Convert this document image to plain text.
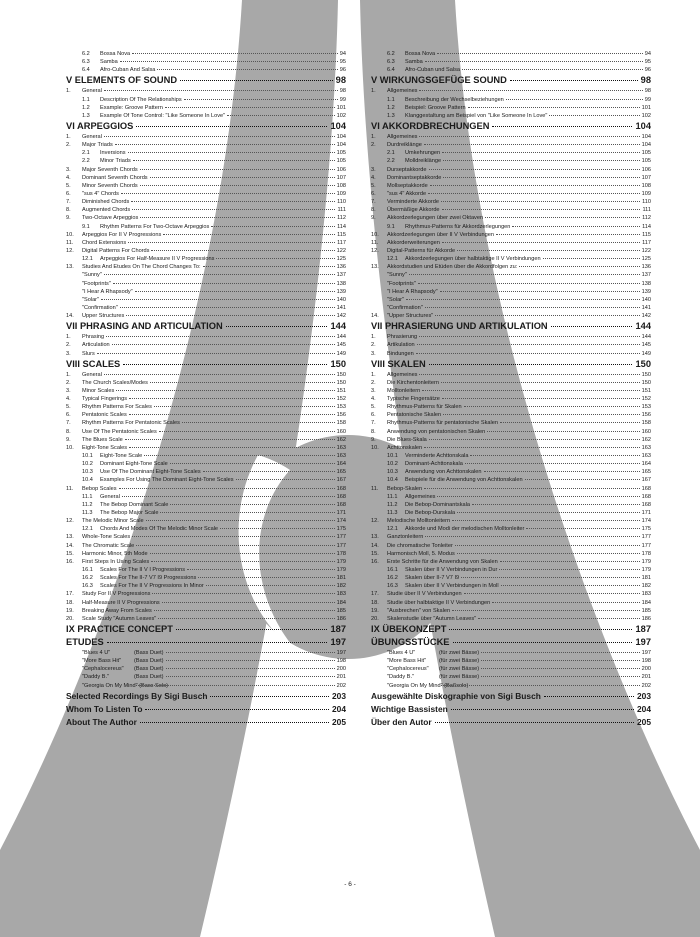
6.2	Bossa Nova	94
6.3	Samba	95
6.4	Afro-Cuban And Salsa	96
V ELEMENTS OF SOUND	98
1.	General	98
1.1	Description Of The Relationships	99
1.2	Example: Groove Pattern	101
1.3	Example Of Tone Control: "Like Someone In Love"	102
VI ARPEGGIOS	104
1.	General	104
2.	Major Triads	104
2.1	Inversions	105
2.2	Minor Triads	105
3.	Major Seventh Chords	106
4.	Dominant Seventh Chords	107
5.	Minor Seventh Chords	108
6.	"sus 4" Chords	109
7.	Diminished Chords	110
8.	Augmented Chords	111
9.	Two-Octave Arpeggios	112
9.1	Rhythm Patterns For Two-Octave Arpeggios	114
10.	Arpeggios For II V Progressions	115
11.	Chord Extensions	117
12.	Digital Patterns For Chords	122
12.1	Arpeggios For Half-Measure II V Progressions	125
13.	Studies And Etudes On The Chord Changes To:	136
"Sunny"	137
"Footprints"	138
"I Hear A Rhapsody"	139
"Solar"	140
"Confirmation"	141
14.	Upper Structures	142
VII PHRASING AND ARTICULATION	144
1.	Phrasing	144
2.	Articulation	145
3.	Slurs	149
VIII SCALES	150
1.	General	150
2.	The Church Scales/Modes	150
3.	Minor Scales	151
4.	Typical Fingerings	152
5.	Rhythm Patterns For Scales	153
6.	Pentatonic Scales	156
7.	Rhythm Patterns For Pentatonic Scales	158
8.	Use Of The Pentatonic Scales	160
9.	The Blues Scale	162
10.	Eight-Tone Scales	163
10.1	Eight-Tone Scale	163
10.2	Dominant Eight-Tone Scale	164
10.3	Use Of The Dominant Eight-Tone Scales	165
10.4	Examples For Using The Dominant Eight-Tone Scales	167
11.	Bebop Scales	168
11.1	General	168
11.2	The Bebop Dominant Scale	168
11.3	The Bebop Major Scale	171
12.	The Melodic Minor Scale	174
12.1	Chords And Modes Of The Melodic Minor Scale	175
13.	Whole-Tone Scales	177
14.	The Chromatic Scale	177
15.	Harmonic Minor, 5th Mode	178
16.	First Steps In Using Scales	179
16.1	Scales For The II V I Progressions	179
16.2	Scales For The II-7 V7 I9 Progressions	181
16.3	Scales For The II V Progressions In Minor	182
17.	Study For II V Progressions	183
18.	Half-Measure II V Progressions	184
19.	Breaking Away From Scales	185
20.	Scale Study "Autumn Leaves"	186
IX PRACTICE CONCEPT	187
ETUDES	197
"Blues 4 U"	(Bass Duet)	197
"More Bass Hit"	(Bass Duet)	198
"Cephalocereus"	(Bass Duet)	200
"Daddy B."	(Bass Duet)	201
"Georgia On My Mind" (Bass Solo)	202
Selected Recordings By Sigi Busch	203
Whom To Listen To	204
About The Author	205
6.2	Bossa Nova	94
6.3	Samba	95
6.4	Afro-Cuban und Salsa	96
V WIRKUNGSGEFÜGE SOUND	98
1.	Allgemeines	98
1.1	Beschreibung der Wechselbeziehungen	99
1.2	Beispiel: Groove Pattern	101
1.3	Klanggestaltung am Beispiel von "Like Someone In Love"	102
VI AKKORDBRECHUNGEN	104
1.	Allgemeines	104
2.	Durdreiklänge	104
2.1	Umkehrungen	105
2.2	Molldreiklänge	105
3.	Durseptakkorde	106
4.	Dominantseptakkorde	107
5.	Mollseptakkorde	108
6.	"sus 4" Akkorde	109
7.	Verminderte Akkorde	110
8.	Übermäßige Akkorde	111
9.	Akkordzerlegungen über zwei Oktaven	112
9.1	Rhythmus-Patterns für Akkordzerlegungen	114
10.	Akkordzerlegungen über II V Verbindungen	115
11.	Akkorderweiterungen	117
12.	Digital-Patterns für Akkorde	122
12.1	Akkordzerlegungen über halbtaktige II V Verbindungen	125
13.	Akkordstudien und Etüden über die Akkordfolgen zu:	136
"Sunny"	137
"Footprints"	138
"I Hear A Rhapsody"	139
"Solar"	140
"Confirmation"	141
14.	"Upper Structures"	142
VII PHRASIERUNG UND ARTIKULATION	144
1.	Phrasierung	144
2.	Artikulation	145
3.	Bindungen	149
VIII SKALEN	150
1.	Allgemeines	150
2.	Die Kirchentonleitern	150
3.	Molltonleitern	151
4.	Typische Fingersätze	152
5.	Rhythmus-Patterns für Skalen	153
6.	Pentatonische Skalen	156
7.	Rhythmus-Patterns für pentatonische Skalen	158
8.	Anwendung von pentatonischen Skalen	160
9.	Die Blues-Skala	162
10.	Achttonskalen	163
10.1	Verminderte Achttonskala	163
10.2	Dominant-Achttonskala	164
10.3	Anwendung von Achttonskalen	165
10.4	Beispiele für die Anwendung von Achttonskalen	167
11.	Bebop-Skalen	168
11.1	Allgemeines	168
11.2	Die Bebop-Dominantskala	168
11.3	Die Bebop-Durskala	171
12.	Melodische Molltonleitern	174
12.1	Akkorde und Modi der melodischen Molltonleiter	175
13.	Ganztonleitern	177
14.	Die chromatische Tonleiter	177
15.	Harmonisch Moll, 5. Modus	178
16.	Erste Schritte für die Anwendung von Skalen	179
16.1	Skalen über II V Verbindungen in Dur	179
16.2	Skalen über II-7 V7 I9	181
16.3	Skalen über II V Verbindungen in Moll	182
17.	Studie über II V Verbindungen	183
18.	Studie über halbtaktige II V Verbindungen	184
19.	"Ausbrechen" von Skalen	185
20.	Skalenstudie über "Autumn Leaves"	186
IX ÜBEKONZEPT	187
ÜBUNGSSTÜCKE	197
"Blues 4 U"	(für zwei Bässe)	197
"More Bass Hit"	(für zwei Bässe)	198
"Cephalocereus"	(für zwei Bässe)	200
"Daddy B."	(für zwei Bässe)	201
"Georgia On My Mind" (Baßsolo)	202
Ausgewählte Diskographie von Sigi Busch	203
Wichtige Bassisten	204
Über den Autor	205
- 6 -
